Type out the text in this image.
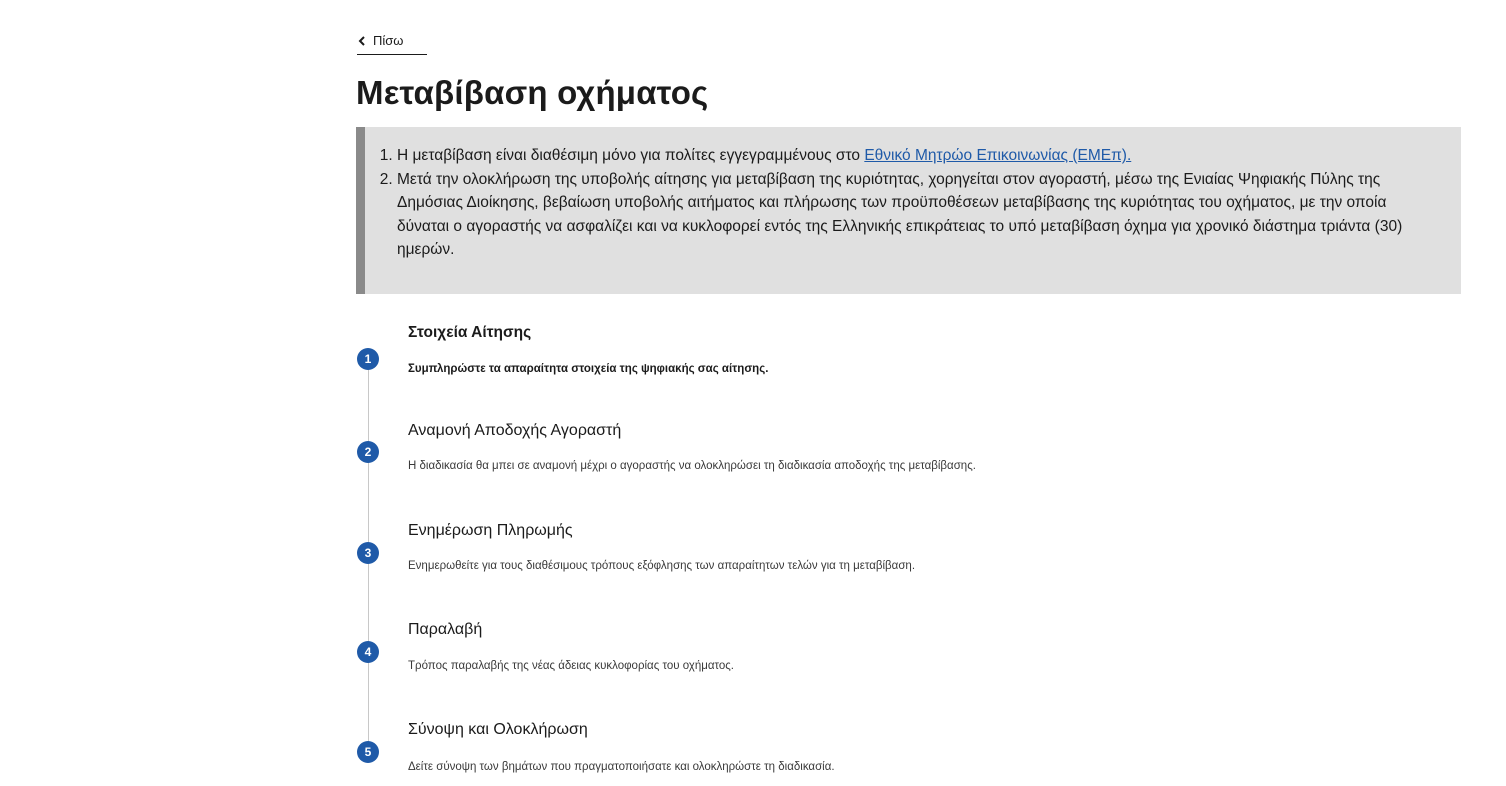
Πίσω
Μεταβίβαση οχήματος
1. Η μεταβίβαση είναι διαθέσιμη μόνο για πολίτες εγγεγραμμένους στο Εθνικό Μητρώο Επικοινωνίας (ΕΜΕπ).
2. Μετά την ολοκλήρωση της υποβολής αίτησης για μεταβίβαση της κυριότητας, χορηγείται στον αγοραστή, μέσω της Ενιαίας Ψηφιακής Πύλης της Δημόσιας Διοίκησης, βεβαίωση υποβολής αιτήματος και πλήρωσης των προϋποθέσεων μεταβίβασης της κυριότητας του οχήματος, με την οποία δύναται ο αγοραστής να ασφαλίζει και να κυκλοφορεί εντός της Ελληνικής επικράτειας το υπό μεταβίβαση όχημα για χρονικό διάστημα τριάντα (30) ημερών.
1
Στοιχεία Αίτησης
Συμπληρώστε τα απαραίτητα στοιχεία της ψηφιακής σας αίτησης.
2
Αναμονή Αποδοχής Αγοραστή
Η διαδικασία θα μπει σε αναμονή μέχρι ο αγοραστής να ολοκληρώσει τη διαδικασία αποδοχής της μεταβίβασης.
3
Ενημέρωση Πληρωμής
Ενημερωθείτε για τους διαθέσιμους τρόπους εξόφλησης των απαραίτητων τελών για τη μεταβίβαση.
4
Παραλαβή
Τρόπος παραλαβής της νέας άδειας κυκλοφορίας του οχήματος.
5
Σύνοψη και Ολοκλήρωση
Δείτε σύνοψη των βημάτων που πραγματοποιήσατε και ολοκληρώστε τη διαδικασία.
